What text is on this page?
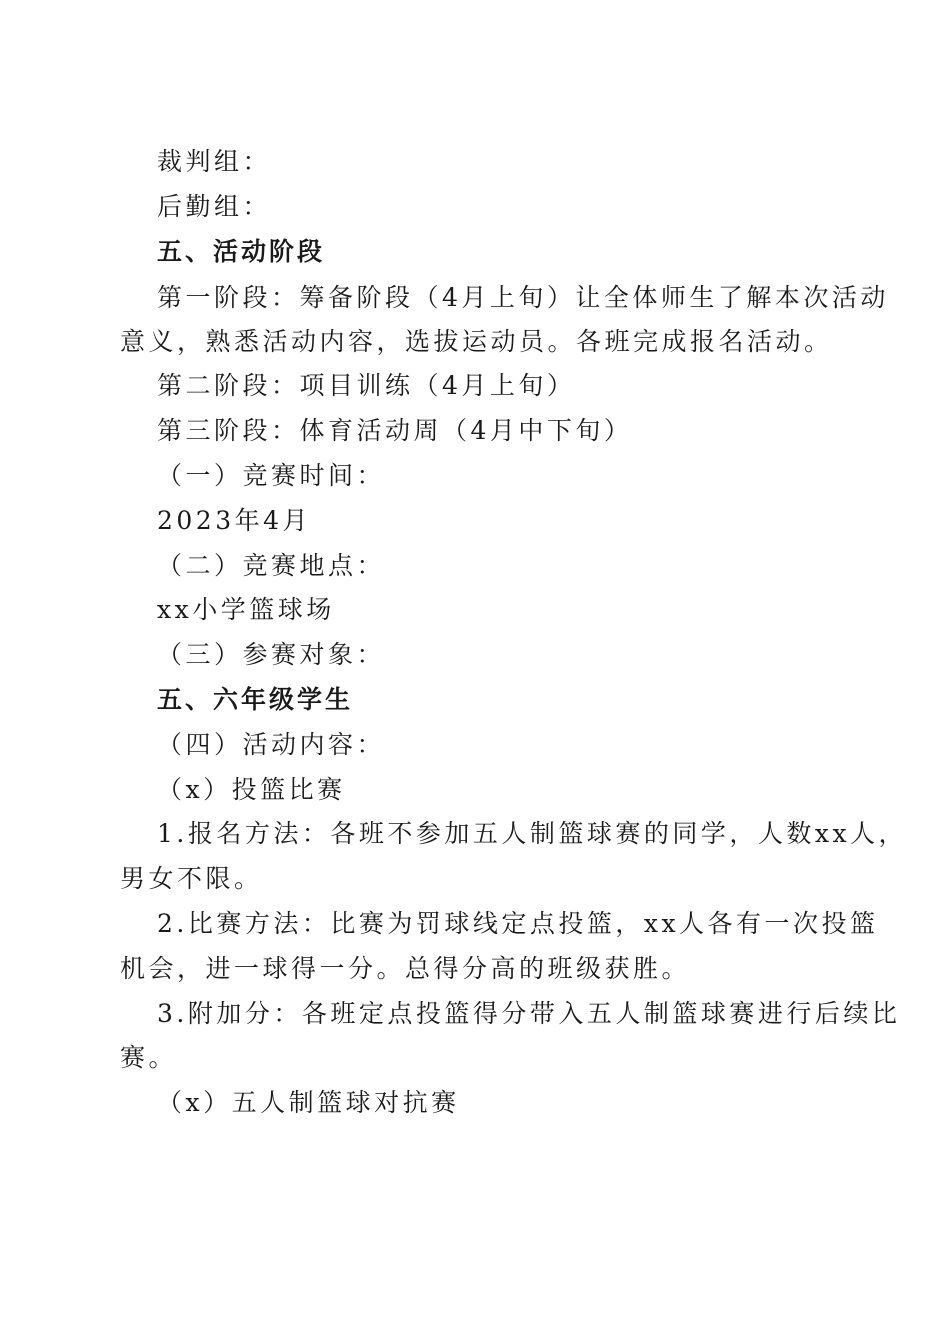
裁判组：
后勤组：
五、活动阶段
第一阶段：筹备阶段（4月上旬）让全体师生了解本次活动
意义，熟悉活动内容，选拔运动员。各班完成报名活动。
第二阶段：项目训练（4月上旬）
第三阶段：体育活动周（4月中下旬）
（一）竞赛时间：
2023年4月
（二）竞赛地点：
xx小学篮球场
（三）参赛对象：
五、六年级学生
（四）活动内容：
（x）投篮比赛
1.报名方法：各班不参加五人制篮球赛的同学，人数xx人，
男女不限。
2.比赛方法：比赛为罚球线定点投篮，xx人各有一次投篮
机会，进一球得一分。总得分高的班级获胜。
3.附加分：各班定点投篮得分带入五人制篮球赛进行后续比
赛。
（x）五人制篮球对抗赛
